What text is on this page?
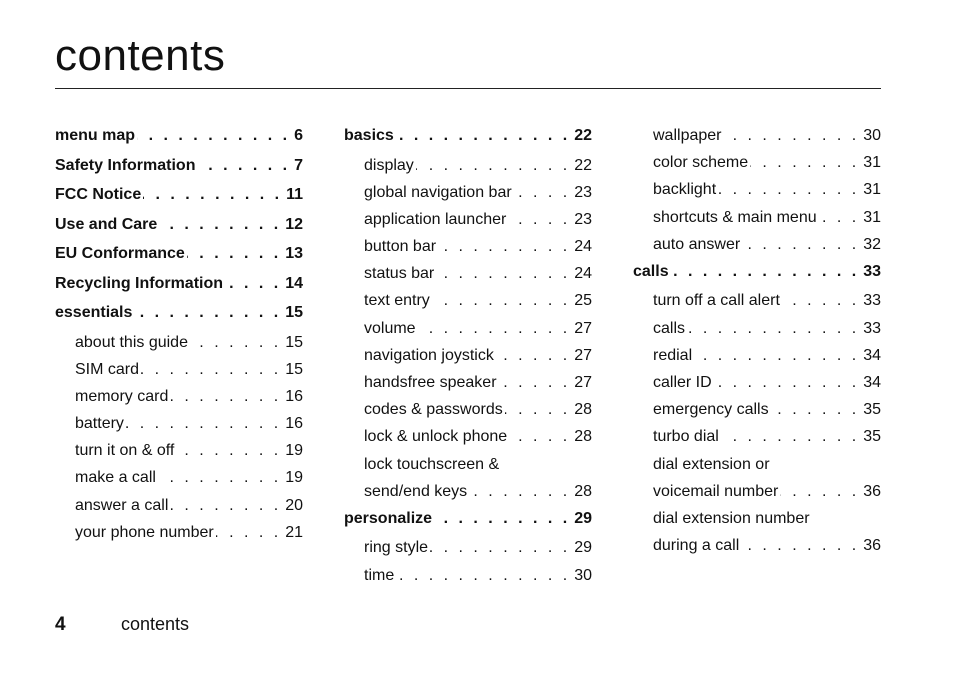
contents
menu map . . .	6
Safety Information . . .	7
FCC Notice . . .	11
Use and Care . . .	12
EU Conformance . . .	13
Recycling Information . . .	14
essentials . . .	15
about this guide . . .	15
SIM card . . .	15
memory card . . .	16
battery . . .	16
turn it on & off . . .	19
make a call . . .	19
answer a call . . .	20
your phone number . . .	21
basics . . .	22
display . . .	22
global navigation bar . . .	23
application launcher . . .	23
button bar . . .	24
status bar . . .	24
text entry . . .	25
volume . . .	27
navigation joystick . . .	27
handsfree speaker . . .	27
codes & passwords . . .	28
lock & unlock phone . . .	28
lock touchscreen &
send/end keys . . .	28
personalize . . .	29
ring style . . .	29
time . . .	30
wallpaper . . .	30
color scheme . . .	31
backlight . . .	31
shortcuts & main menu . . .	31
auto answer . . .	32
calls . . .	33
turn off a call alert . . .	33
calls . . .	33
redial . . .	34
caller ID . . .	34
emergency calls . . .	35
turbo dial . . .	35
dial extension or
voicemail number . . .	36
dial extension number
during a call . . .	36
4	contents
